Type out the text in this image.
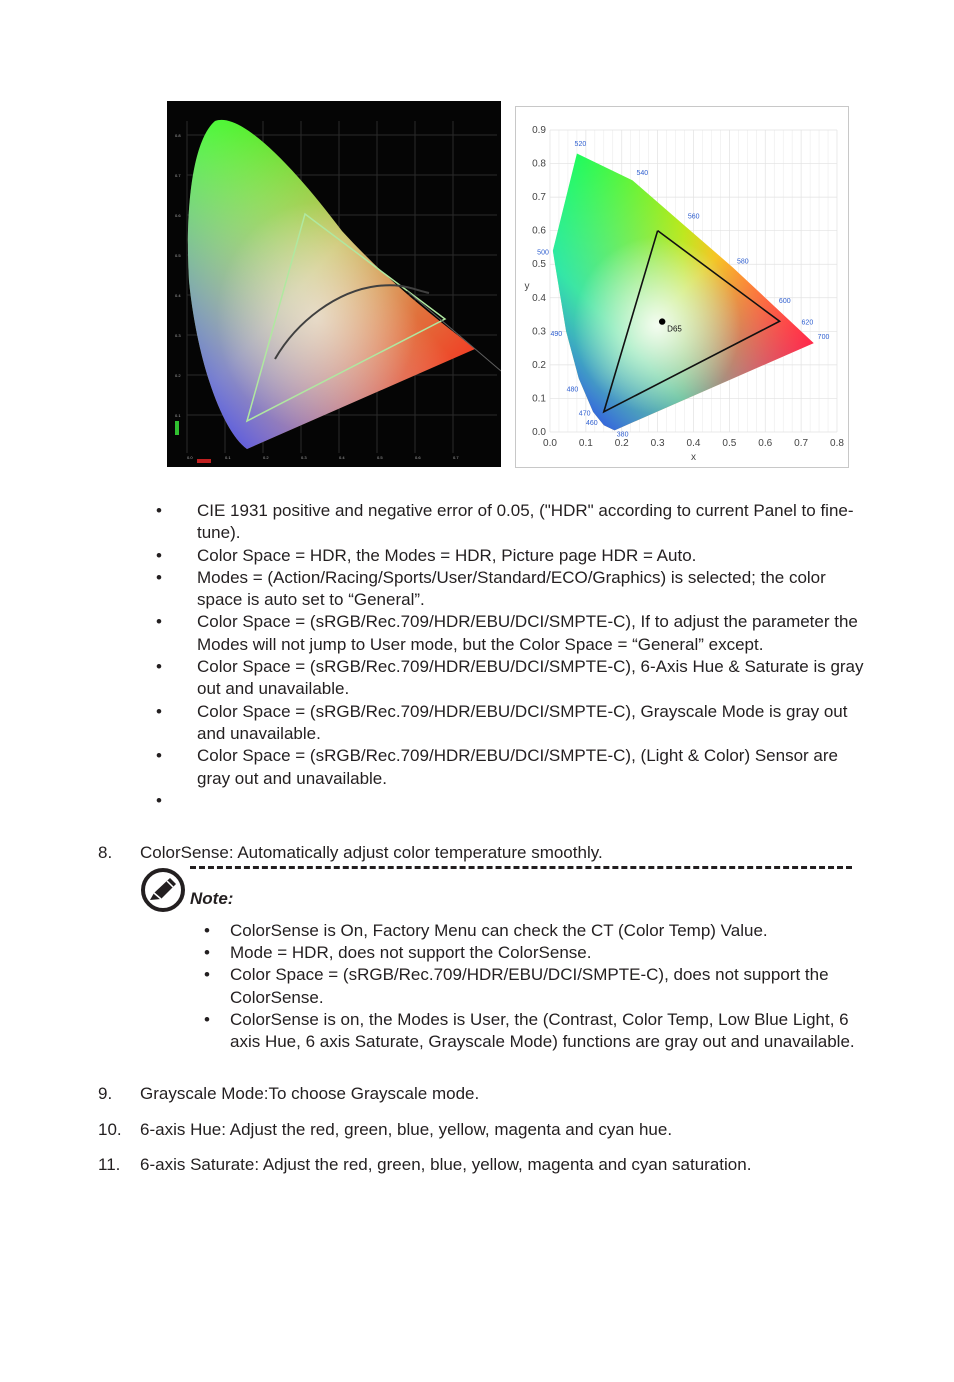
0.0	0.1	0.2	0.3	0.4	0.5	0.6	0.7
0.8
0.7
0.6
0.5
0.4
0.3
0.2
0.1
D65
0.0 0.1 0.2 0.3 0.4 0.5 0.6 0.7 0.8
0.0
0.1
0.2
0.3
0.4
0.5
0.6
0.7
0.8
0.9
520
540
560
580
600
620
700
500
490
480
470
460
380
x
y
• CIE 1931 positive and negative error of 0.05, ("HDR" according to current Panel to fine-tune).
• Color Space = HDR, the Modes = HDR, Picture page HDR = Auto.
• Modes = (Action/Racing/Sports/User/Standard/ECO/Graphics) is selected; the color space is auto set to “General”.
• Color Space = (sRGB/Rec.709/HDR/EBU/DCI/SMPTE-C), If to adjust the parameter the Modes will not jump to User mode, but the Color Space = “General” except.
• Color Space = (sRGB/Rec.709/HDR/EBU/DCI/SMPTE-C), 6-Axis Hue & Saturate is gray out and unavailable.
• Color Space = (sRGB/Rec.709/HDR/EBU/DCI/SMPTE-C), Grayscale Mode is gray out and unavailable.
• Color Space = (sRGB/Rec.709/HDR/EBU/DCI/SMPTE-C), (Light & Color) Sensor are gray out and unavailable.
•

8. ColorSense: Automatically adjust color temperature smoothly.
Note:
• ColorSense is On, Factory Menu can check the CT (Color Temp) Value.
• Mode = HDR, does not support the ColorSense.
• Color Space = (sRGB/Rec.709/HDR/EBU/DCI/SMPTE-C), does not support the ColorSense.
• ColorSense is on, the Modes is User, the (Contrast, Color Temp, Low Blue Light, 6 axis Hue, 6 axis Saturate, Grayscale Mode) functions are gray out and unavailable.
9. Grayscale Mode:To choose Grayscale mode.
10. 6-axis Hue: Adjust the red, green, blue, yellow, magenta and cyan hue.
11. 6-axis Saturate: Adjust the red, green, blue, yellow, magenta and cyan saturation.
